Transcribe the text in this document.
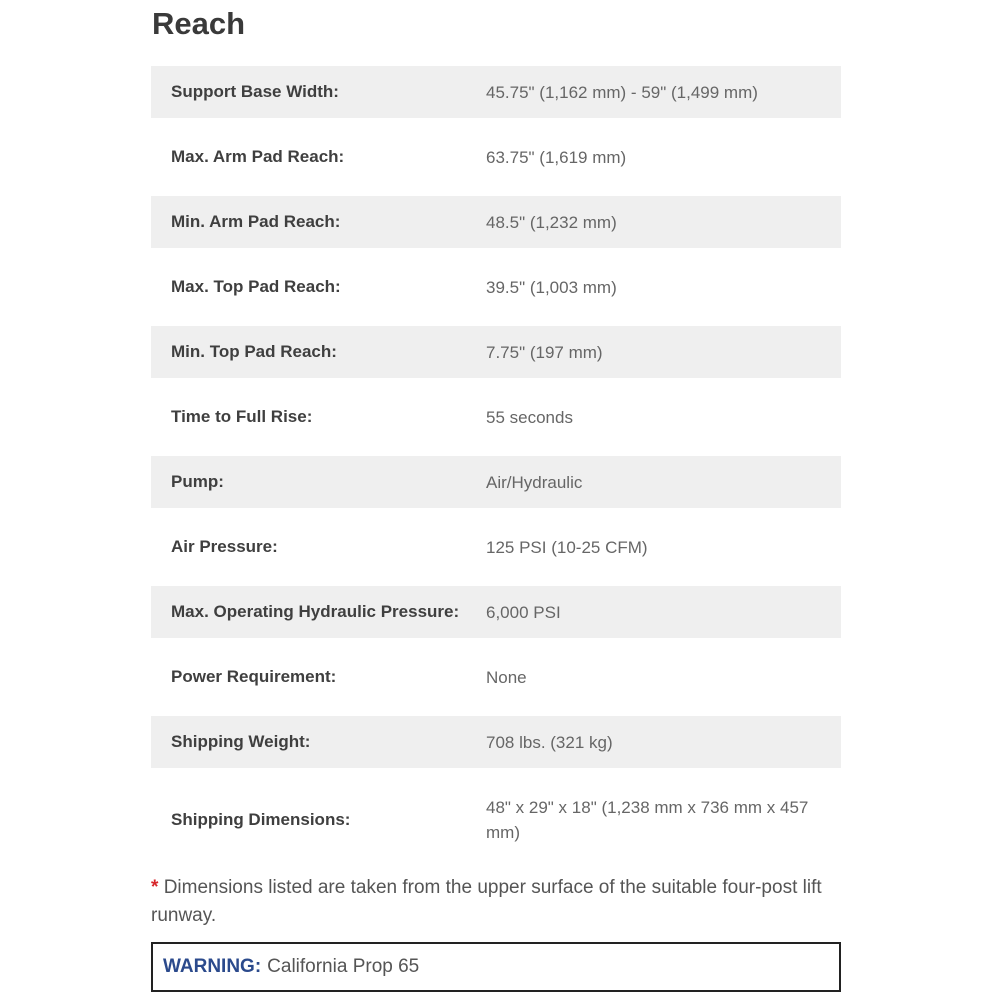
Reach
Support Base Width:	45.75" (1,162 mm) - 59" (1,499 mm)
Max. Arm Pad Reach:	63.75" (1,619 mm)
Min. Arm Pad Reach:	48.5" (1,232 mm)
Max. Top Pad Reach:	39.5" (1,003 mm)
Min. Top Pad Reach:	7.75" (197 mm)
Time to Full Rise:	55 seconds
Pump:	Air/Hydraulic
Air Pressure:	125 PSI (10-25 CFM)
Max. Operating Hydraulic Pressure:	6,000 PSI
Power Requirement:	None
Shipping Weight:	708 lbs. (321 kg)
Shipping Dimensions:
48" x 29" x 18" (1,238 mm x 736 mm x 457 mm)

* Dimensions listed are taken from the upper surface of the suitable four-post lift runway.

WARNING: California Prop 65
